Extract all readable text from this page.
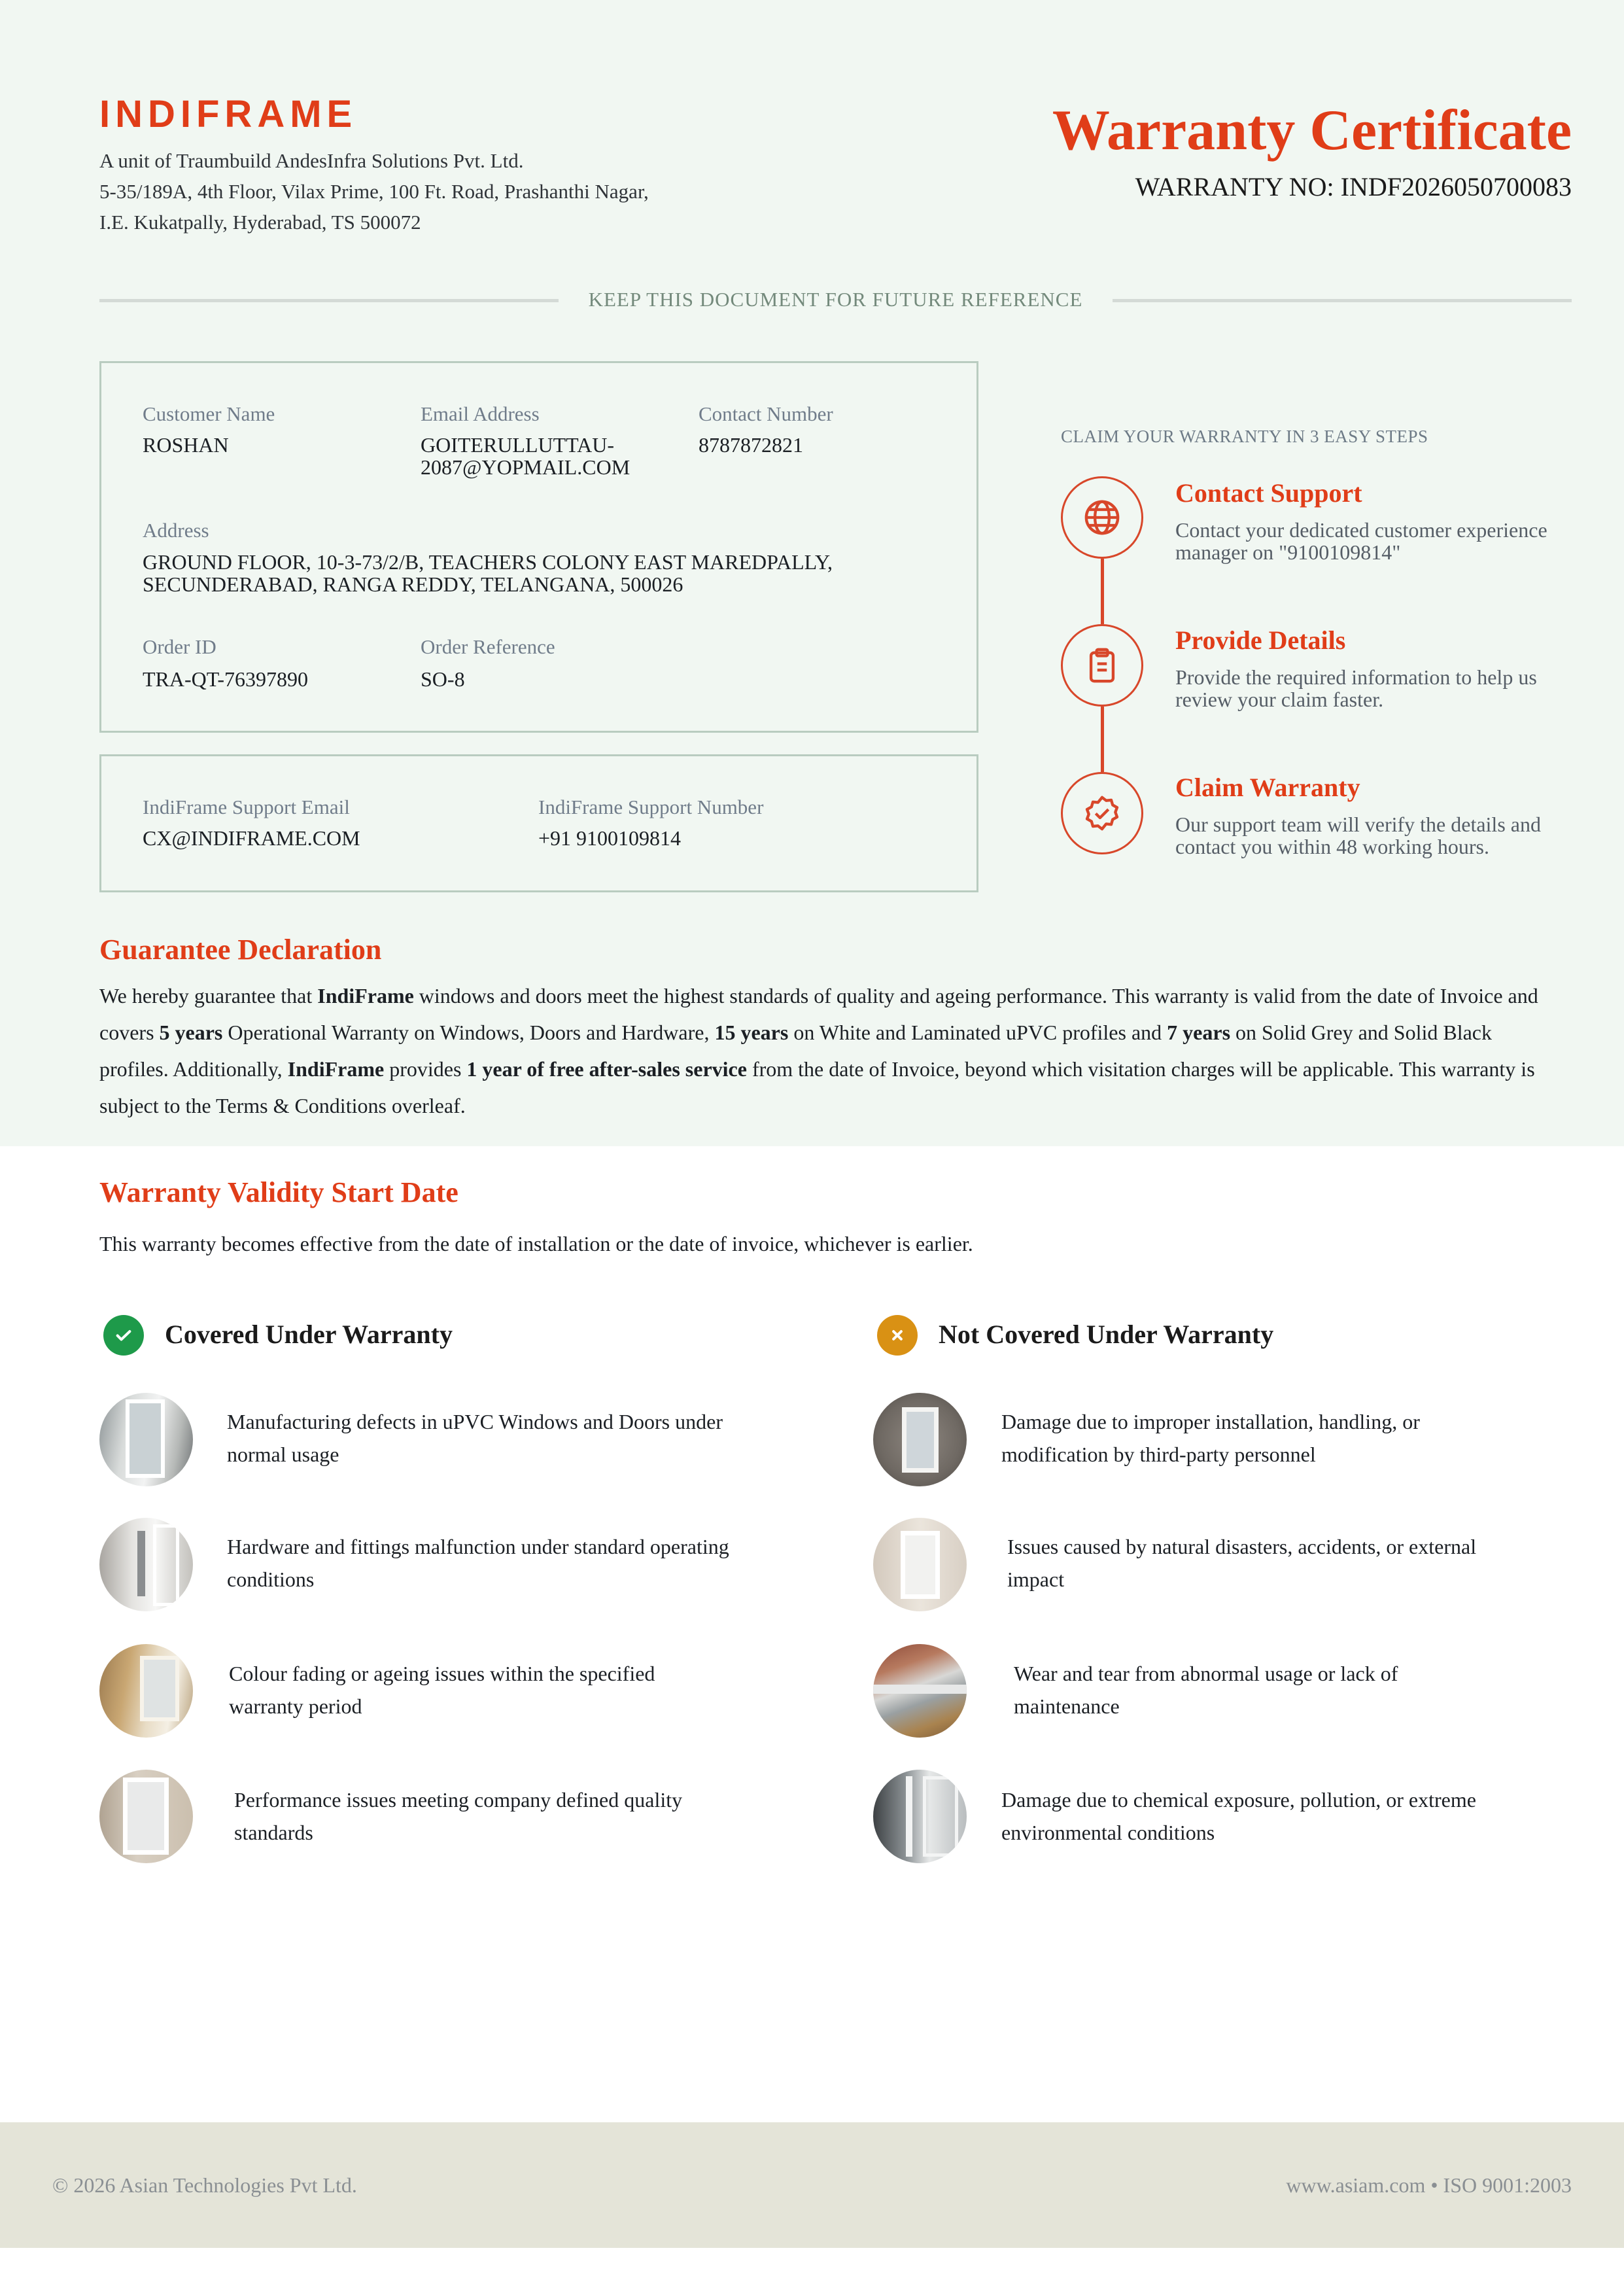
INDIFRAME
A unit of Traumbuild AndesInfra Solutions Pvt. Ltd.
5-35/189A, 4th Floor, Vilax Prime, 100 Ft. Road, Prashanthi Nagar,
I.E. Kukatpally, Hyderabad, TS 500072
Warranty Certificate
WARRANTY NO: INDF2026050700083
KEEP THIS DOCUMENT FOR FUTURE REFERENCE
Customer Name
ROSHAN
Email Address
GOITERULLUTTAU-
2087@YOPMAIL.COM
Contact Number
8787872821
Address
GROUND FLOOR, 10-3-73/2/B, TEACHERS COLONY EAST MAREDPALLY,
SECUNDERABAD, RANGA REDDY, TELANGANA, 500026
Order ID
TRA-QT-76397890
Order Reference
SO-8
IndiFrame Support Email
CX@INDIFRAME.COM
IndiFrame Support Number
+91 9100109814
CLAIM YOUR WARRANTY IN 3 EASY STEPS
Contact Support
Contact your dedicated customer experience manager on "9100109814"
Provide Details
Provide the required information to help us review your claim faster.
Claim Warranty
Our support team will verify the details and contact you within 48 working hours.
Guarantee Declaration
We hereby guarantee that IndiFrame windows and doors meet the highest standards of quality and ageing performance. This warranty is valid from the date of Invoice and covers 5 years Operational Warranty on Windows, Doors and Hardware, 15 years on White and Laminated uPVC profiles and 7 years on Solid Grey and Solid Black profiles. Additionally, IndiFrame provides 1 year of free after-sales service from the date of Invoice, beyond which visitation charges will be applicable. This warranty is subject to the Terms & Conditions overleaf.
Warranty Validity Start Date
This warranty becomes effective from the date of installation or the date of invoice, whichever is earlier.
Covered Under Warranty
Manufacturing defects in uPVC Windows and Doors under
normal usage
Hardware and fittings malfunction under standard operating
conditions
Colour fading or ageing issues within the specified
warranty period
Performance issues meeting company defined quality
standards
Not Covered Under Warranty
Damage due to improper installation, handling, or
modification by third-party personnel
Issues caused by natural disasters, accidents, or external
impact
Wear and tear from abnormal usage or lack of
maintenance
Damage due to chemical exposure, pollution, or extreme
environmental conditions
© 2026 Asian Technologies Pvt Ltd.	www.asiam.com • ISO 9001:2003
